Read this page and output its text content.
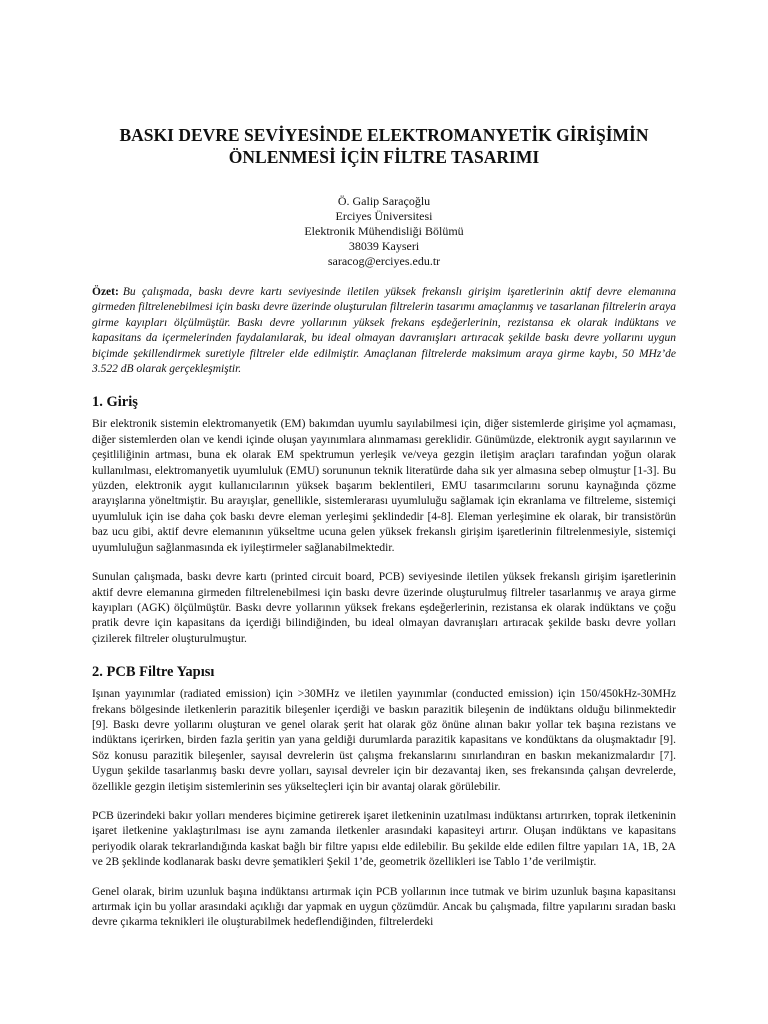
BASKI DEVRE SEVİYESİNDE ELEKTROMANYETİK GİRİŞİMİN
ÖNLENMESİ İÇİN FİLTRE TASARIMI
Ö. Galip Saraçoğlu
Erciyes Üniversitesi
Elektronik Mühendisliği Bölümü
38039 Kayseri
saracog@erciyes.edu.tr
Özet: Bu çalışmada, baskı devre kartı seviyesinde iletilen yüksek frekanslı girişim işaretlerinin aktif devre elemanına girmeden filtrelenebilmesi için baskı devre üzerinde oluşturulan filtrelerin tasarımı amaçlanmış ve tasarlanan filtrelerin araya girme kayıpları ölçülmüştür. Baskı devre yollarının yüksek frekans eşdeğerlerinin, rezistansa ek olarak indüktans ve kapasitans da içermelerinden faydalanılarak, bu ideal olmayan davranışları artıracak şekilde baskı devre yollarını uygun biçimde şekillendirmek suretiyle filtreler elde edilmiştir. Amaçlanan filtrelerde maksimum araya girme kaybı, 50 MHz’de 3.522 dB olarak gerçekleşmiştir.
1. Giriş

Bir elektronik sistemin elektromanyetik (EM) bakımdan uyumlu sayılabilmesi için, diğer sistemlerde girişime yol açmaması, diğer sistemlerden olan ve kendi içinde oluşan yayınımlara alınmaması gereklidir. Günümüzde, elektronik aygıt sayılarının ve çeşitliliğinin artması, buna ek olarak EM spektrumun yerleşik ve/veya gezgin iletişim araçları tarafından yoğun olarak kullanılması, elektromanyetik uyumluluk (EMU) sorununun teknik literatürde daha sık yer almasına sebep olmuştur [1-3]. Bu yüzden, elektronik aygıt kullanıcılarının yüksek başarım beklentileri, EMU tasarımcılarını sorunu kaynağında çözme arayışlarına yöneltmiştir. Bu arayışlar, genellikle, sistemlerarası uyumluluğu sağlamak için ekranlama ve filtreleme, sistemiçi uyumluluk için ise daha çok baskı devre eleman yerleşimi şeklindedir [4-8]. Eleman yerleşimine ek olarak, bir transistörün baz ucu gibi, aktif devre elemanının yükseltme ucuna gelen yüksek frekanslı girişim işaretlerinin filtrelenmesiyle, sistemiçi uyumluluğun sağlanmasında ek iyileştirmeler sağlanabilmektedir.

Sunulan çalışmada, baskı devre kartı (printed circuit board, PCB) seviyesinde iletilen yüksek frekanslı girişim işaretlerinin aktif devre elemanına girmeden filtrelenebilmesi için baskı devre üzerinde oluşturulmuş filtreler tasarlanmış ve araya girme kayıpları (AGK) ölçülmüştür. Baskı devre yollarının yüksek frekans eşdeğerlerinin, rezistansa ek olarak indüktans ve çoğu pratik devre için kapasitans da içerdiği bilindiğinden, bu ideal olmayan davranışları artıracak şekilde baskı devre yolları çizilerek filtreler oluşturulmuştur.

2. PCB Filtre Yapısı

Işınan yayınımlar (radiated emission) için >30MHz ve iletilen yayınımlar (conducted emission) için 150/450kHz-30MHz frekans bölgesinde iletkenlerin parazitik bileşenler içerdiği ve baskın parazitik bileşenin de indüktans olduğu bilinmektedir [9]. Baskı devre yollarını oluşturan ve genel olarak şerit hat olarak göz önüne alınan bakır yollar tek başına rezistans ve indüktans içerirken, birden fazla şeritin yan yana geldiği durumlarda parazitik kapasitans ve kondüktans da oluşmaktadır [9]. Söz konusu parazitik bileşenler, sayısal devrelerin üst çalışma frekanslarını sınırlandıran en baskın mekanizmalardır [7]. Uygun şekilde tasarlanmış baskı devre yolları, sayısal devreler için bir dezavantaj iken, ses frekansında çalışan devrelerde, özellikle gezgin iletişim sistemlerinin ses yükselteçleri için bir avantaj olarak görülebilir.

PCB üzerindeki bakır yolları menderes biçimine getirerek işaret iletkeninin uzatılması indüktansı artırırken, toprak iletkeninin işaret iletkenine yaklaştırılması ise aynı zamanda iletkenler arasındaki kapasiteyi artırır. Oluşan indüktans ve kapasitans periyodik olarak tekrarlandığında kaskat bağlı bir filtre yapısı elde edilebilir. Bu şekilde elde edilen filtre yapıları 1A, 1B, 2A ve 2B şeklinde kodlanarak baskı devre şematikleri Şekil 1’de, geometrik özellikleri ise Tablo 1’de verilmiştir.

Genel olarak, birim uzunluk başına indüktansı artırmak için PCB yollarının ince tutmak ve birim uzunluk başına kapasitansı artırmak için bu yollar arasındaki açıklığı dar yapmak en uygun çözümdür. Ancak bu çalışmada, filtre yapılarını sıradan baskı devre çıkarma teknikleri ile oluşturabilmek hedeflendiğinden, filtrelerdeki
